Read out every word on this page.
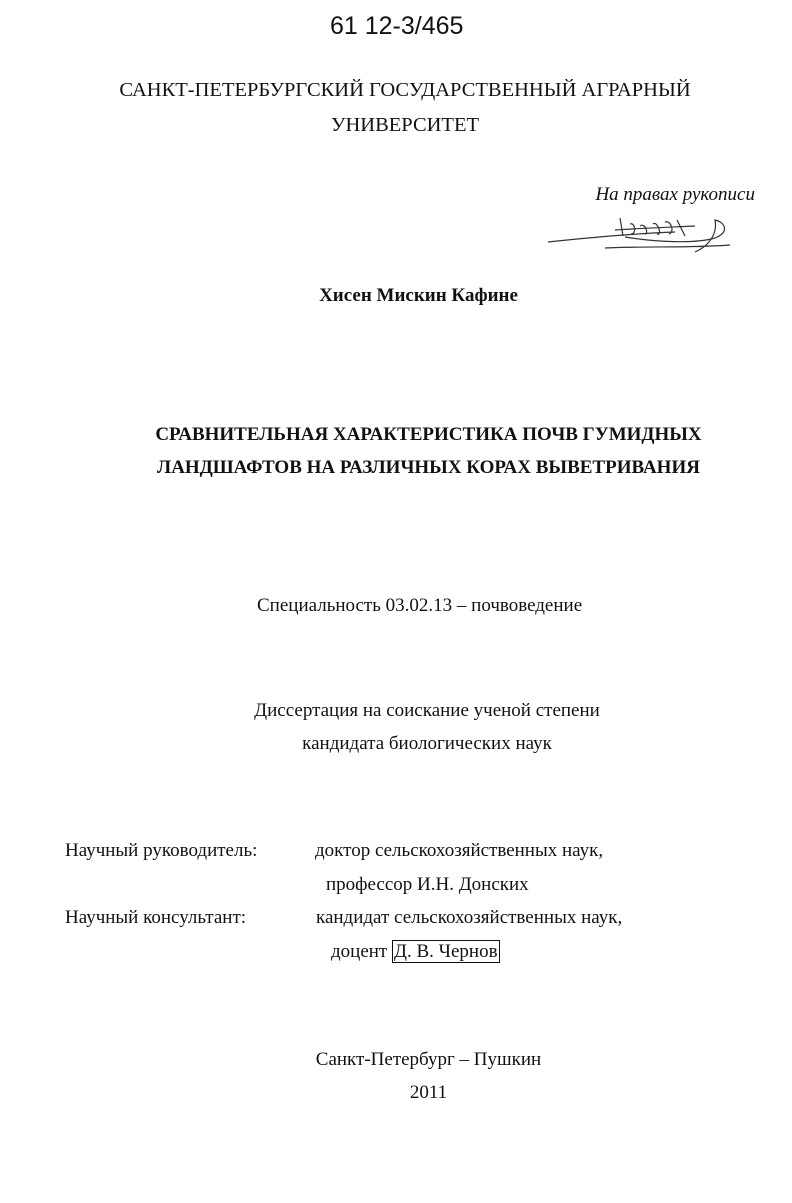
61 12-3/465
САНКТ-ПЕТЕРБУРГСКИЙ ГОСУДАРСТВЕННЫЙ АГРАРНЫЙ
УНИВЕРСИТЕТ
На правах рукописи
Хисен Мискин Кафине
СРАВНИТЕЛЬНАЯ ХАРАКТЕРИСТИКА ПОЧВ ГУМИДНЫХ
ЛАНДШАФТОВ НА РАЗЛИЧНЫХ КОРАХ ВЫВЕТРИВАНИЯ
Специальность 03.02.13 – почвоведение
Диссертация на соискание ученой степени
кандидата биологических наук
Научный руководитель:	доктор сельскохозяйственных наук,
профессор И.Н. Донских
Научный консультант:	кандидат сельскохозяйственных наук,
доцент Д. В. Чернов
Санкт-Петербург – Пушкин
2011
